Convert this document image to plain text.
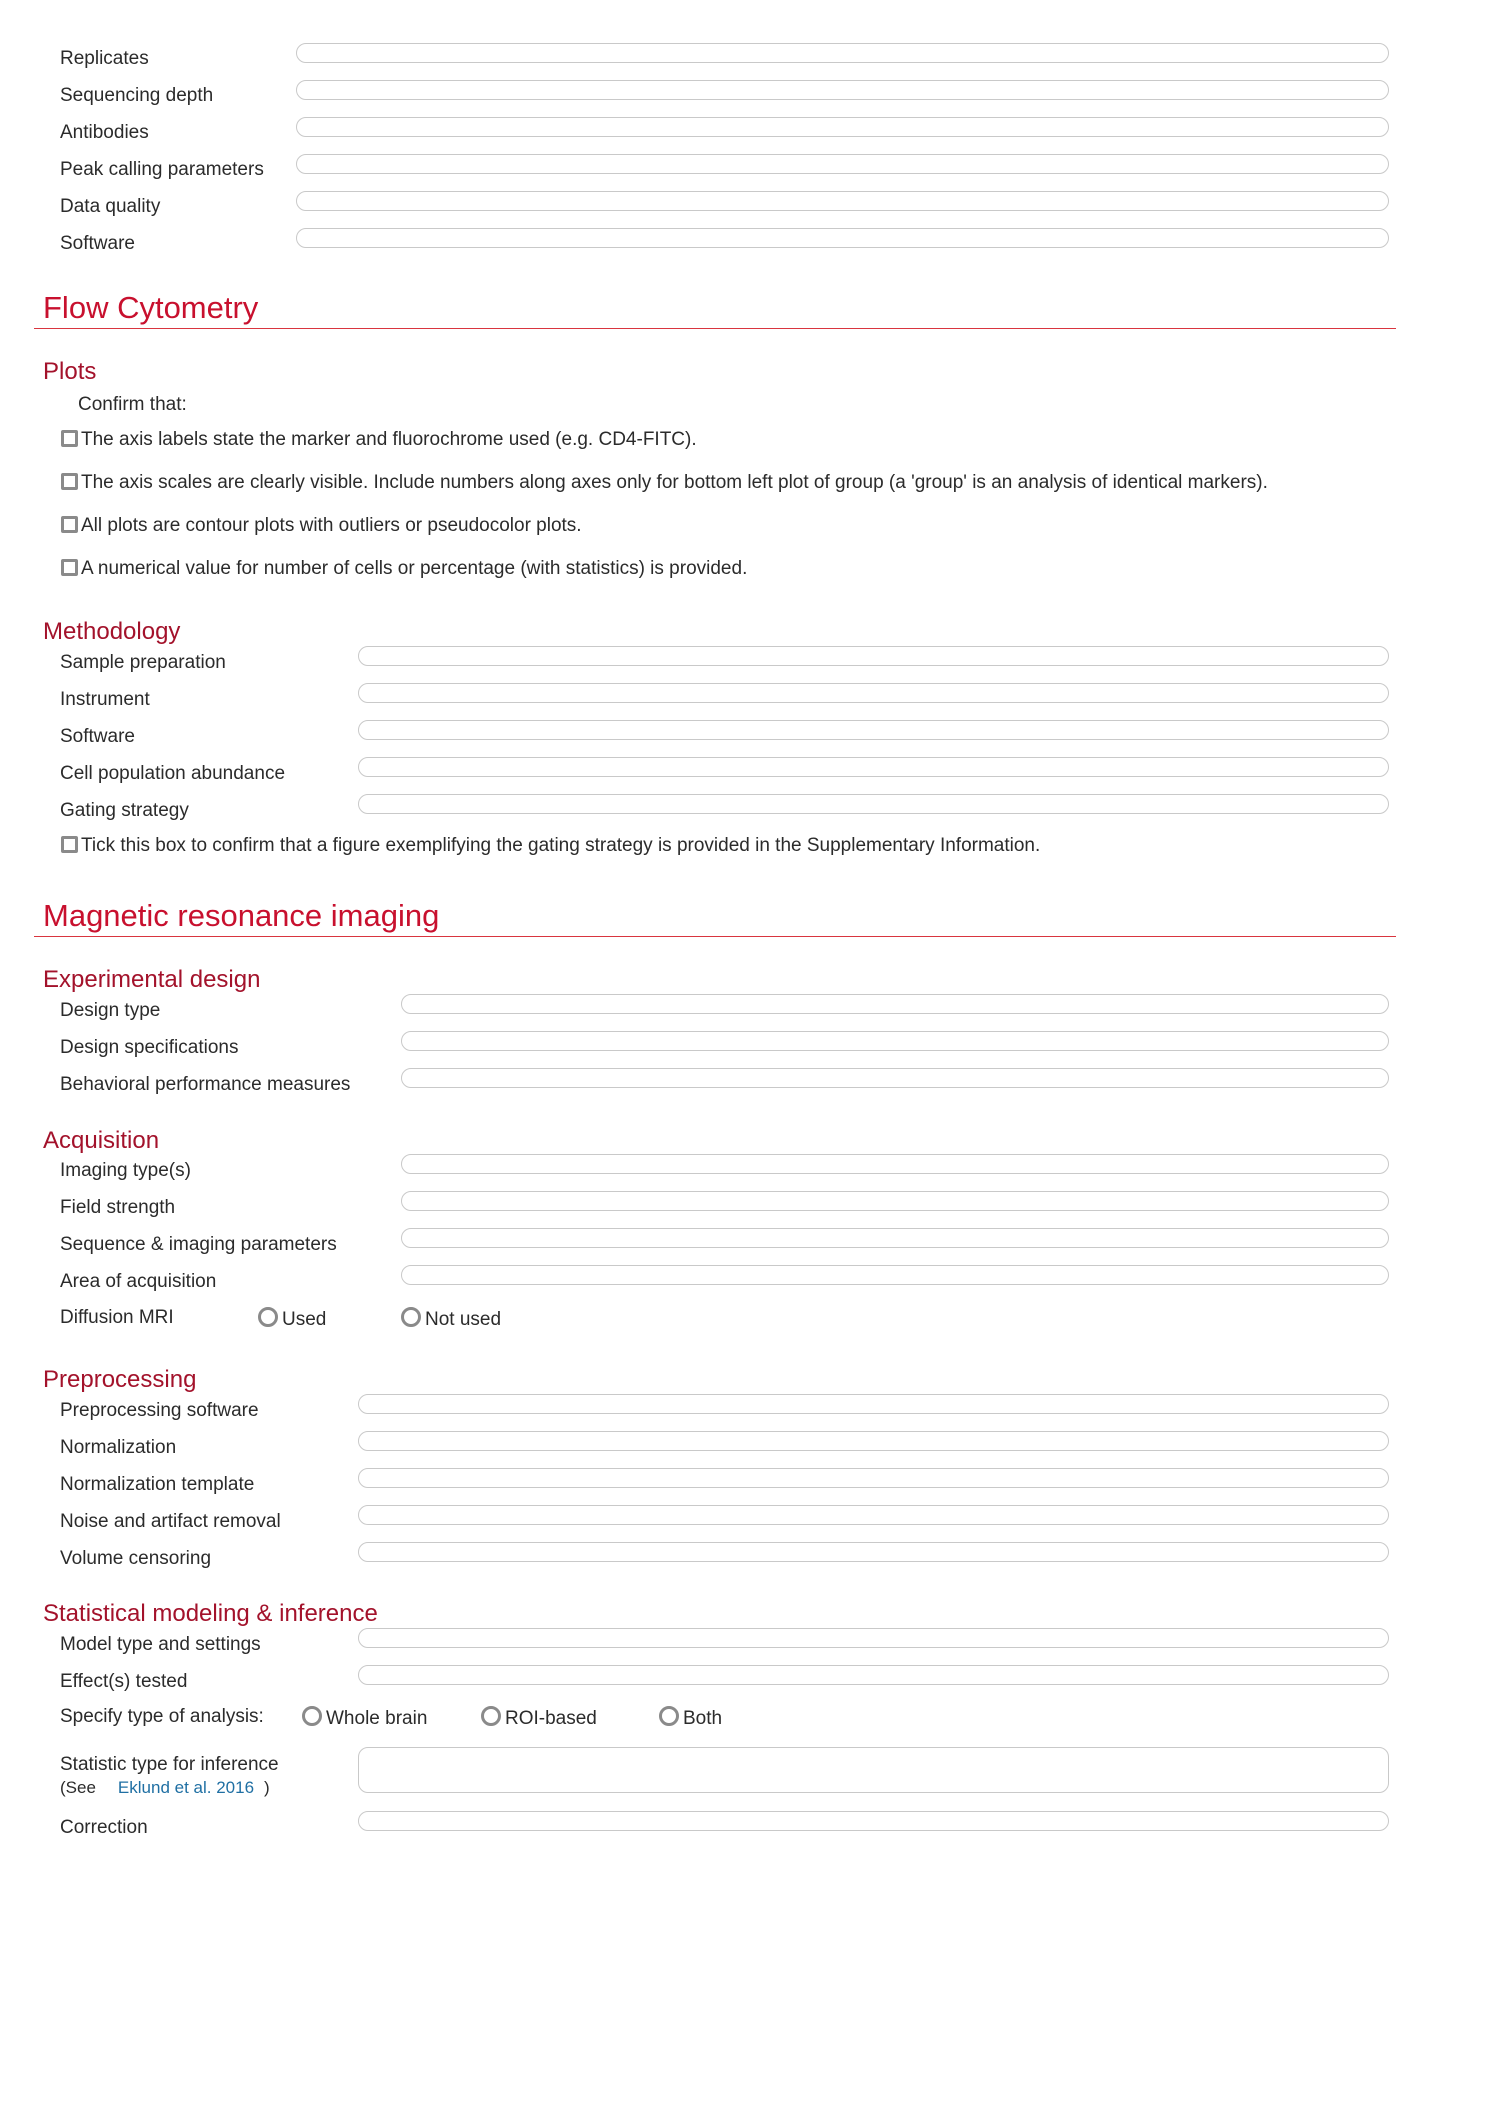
Replicates
Sequencing depth
Antibodies
Peak calling parameters
Data quality
Software
Flow Cytometry
Plots
Confirm that:
The axis labels state the marker and fluorochrome used (e.g. CD4-FITC).
The axis scales are clearly visible. Include numbers along axes only for bottom left plot of group (a 'group' is an analysis of identical markers).
All plots are contour plots with outliers or pseudocolor plots.
A numerical value for number of cells or percentage (with statistics) is provided.
Methodology
Sample preparation
Instrument
Software
Cell population abundance
Gating strategy
Tick this box to confirm that a figure exemplifying the gating strategy is provided in the Supplementary Information.
Magnetic resonance imaging
Experimental design
Design type
Design specifications
Behavioral performance measures
Acquisition
Imaging type(s)
Field strength
Sequence & imaging parameters
Area of acquisition
Diffusion MRI	Used	Not used
Preprocessing
Preprocessing software
Normalization
Normalization template
Noise and artifact removal
Volume censoring
Statistical modeling & inference
Model type and settings
Effect(s) tested
Specify type of analysis:	Whole brain	ROI-based	Both
Statistic type for inference
(See Eklund et al. 2016 )
Correction
